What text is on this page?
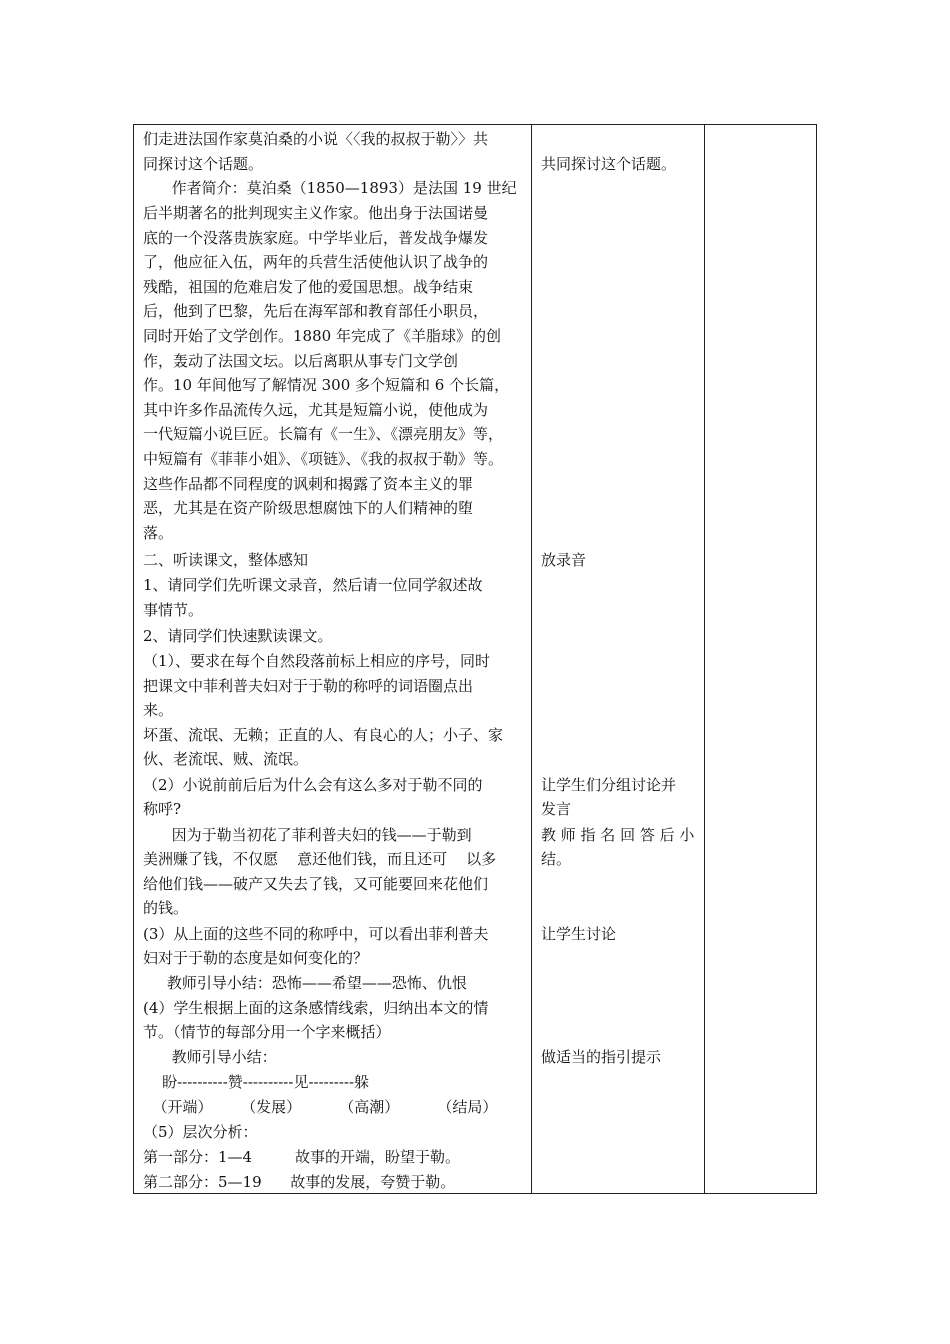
们走进法国作家莫泊桑的小说〈〈我的叔叔于勒〉〉共
同探讨这个话题。
作者简介：莫泊桑（1850—1893）是法国 19 世纪
后半期著名的批判现实主义作家。他出身于法国诺曼
底的一个没落贵族家庭。中学毕业后，普发战争爆发
了，他应征入伍，两年的兵营生活使他认识了战争的
残酷，祖国的危难启发了他的爱国思想。战争结束
后，他到了巴黎，先后在海军部和教育部任小职员，
同时开始了文学创作。1880 年完成了《羊脂球》的创
作，轰动了法国文坛。以后离职从事专门文学创
作。10 年间他写了解情况 300 多个短篇和 6 个长篇，
其中许多作品流传久远，尤其是短篇小说，使他成为
一代短篇小说巨匠。长篇有《一生》、《漂亮朋友》等，
中短篇有《菲菲小姐》、《项链》、《我的叔叔于勒》等。
这些作品都不同程度的讽刺和揭露了资本主义的罪
恶，尤其是在资产阶级思想腐蚀下的人们精神的堕
落。
二、听读课文，整体感知
1、请同学们先听课文录音，然后请一位同学叙述故
事情节。
2、请同学们快速默读课文。
（1）、要求在每个自然段落前标上相应的序号，同时
把课文中菲利普夫妇对于于勒的称呼的词语圈点出
来。
坏蛋、流氓、无赖；正直的人、有良心的人；小子、家
伙、老流氓、贼、流氓。
（2）小说前前后后为什么会有这么多对于勒不同的
称呼?
因为于勒当初花了菲利普夫妇的钱——于勒到
美洲赚了钱，不仅愿    意还他们钱，而且还可    以多
给他们钱——破产又失去了钱，又可能要回来花他们
的钱。
(3）从上面的这些不同的称呼中，可以看出菲利普夫
妇对于于勒的态度是如何变化的？
教师引导小结：恐怖——希望——恐怖、仇恨
(4）学生根据上面的这条感情线索，归纳出本文的情
节。（情节的每部分用一个字来概括）
教师引导小结：
盼----------赞----------见---------躲
（开端）      （发展）        （高潮）        （结局）
（5）层次分析：
第一部分：1—4         故事的开端，盼望于勒。
第二部分：5—19      故事的发展，夸赞于勒。
共同探讨这个话题。
放录音
让学生们分组讨论并
发言
教 师 指 名 回 答 后 小
结。
让学生讨论
做适当的指引提示
